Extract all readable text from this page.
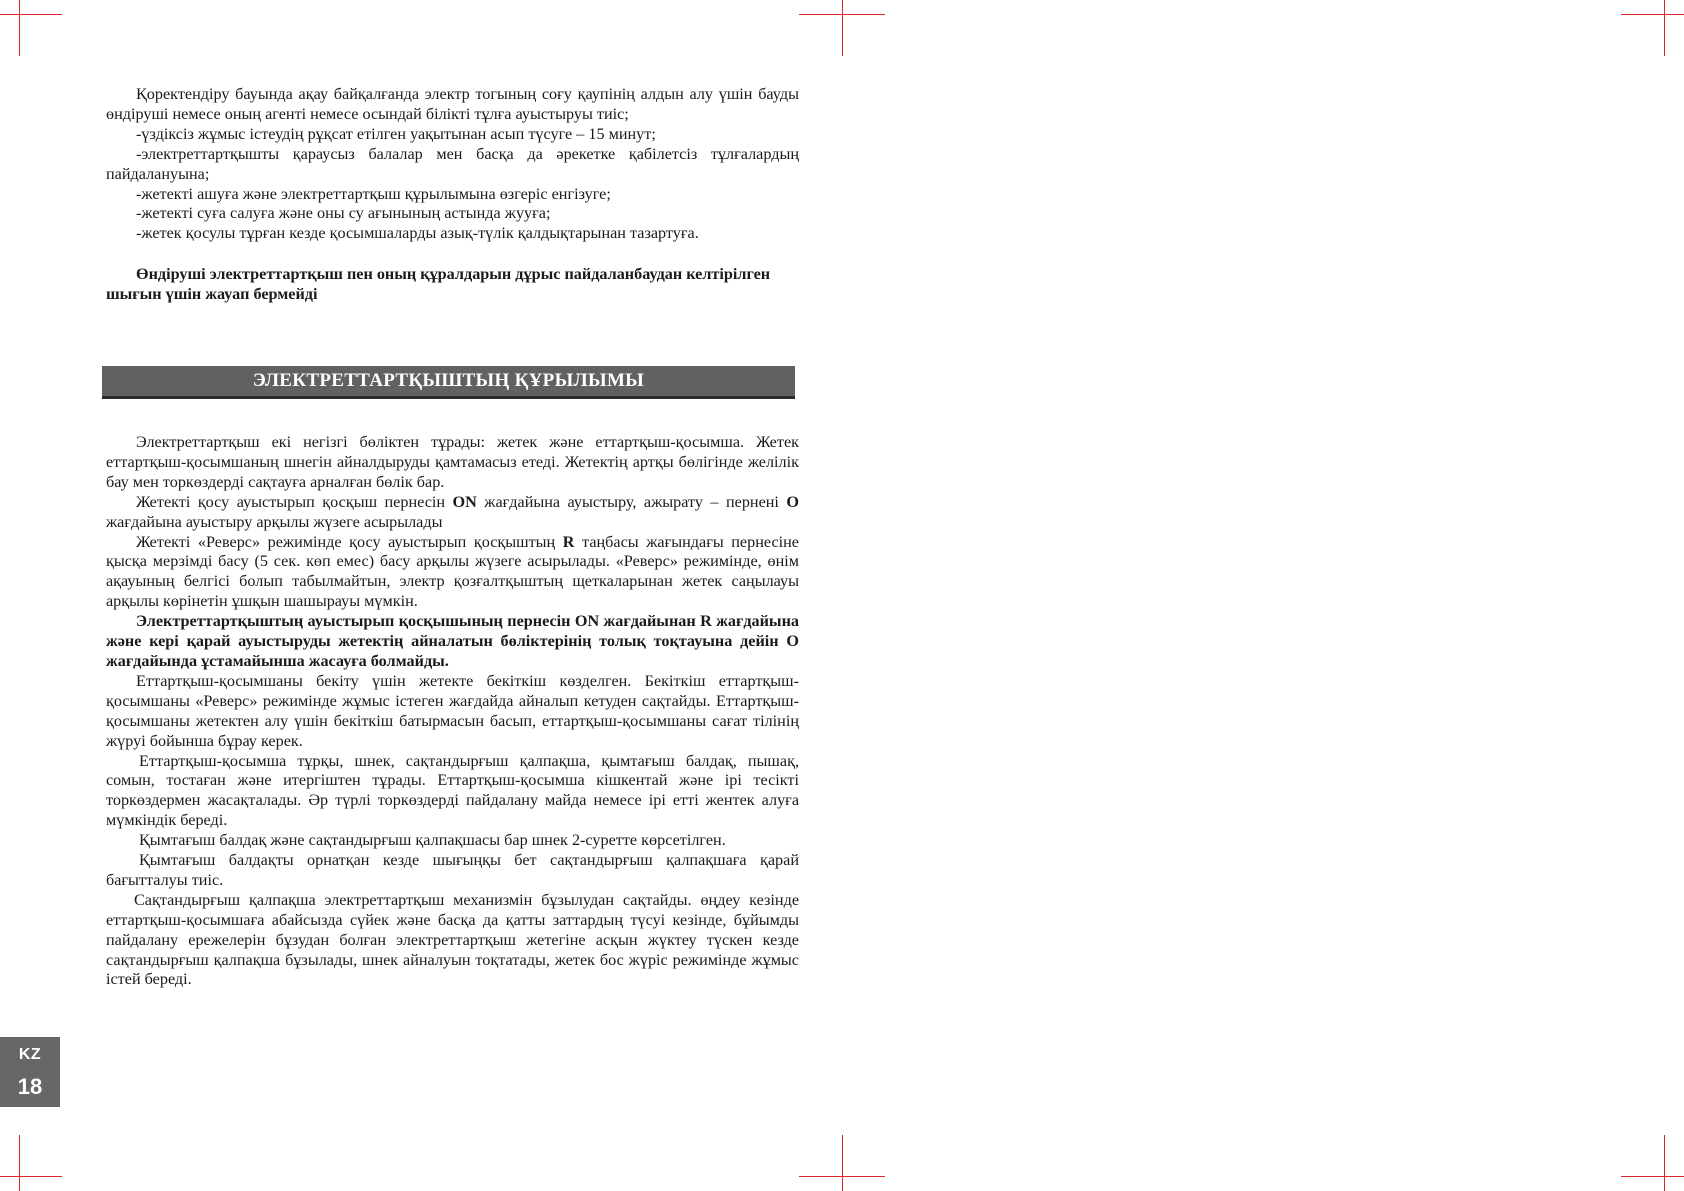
Қоректендіру бауында ақау байқалғанда электр тогының соғу қаупінің алдын алу үшін бауды өндіруші немесе оның агенті немесе осындай білікті тұлға ауыстыруы тиіс;

-үздіксіз жұмыс істеудің рұқсат етілген уақытынан асып түсуге – 15 минут;

-электреттартқышты қараусыз балалар мен басқа да әрекетке қабілетсіз тұлғалардың пайдалануына;

-жетекті ашуға және электреттартқыш құрылымына өзгеріс енгізуге;

-жетекті суға салуға және оны су ағынының астында жууға;

-жетек қосулы тұрған кезде қосымшаларды азық-түлік қалдықтарынан тазартуға.

Өндіруші электреттартқыш пен оның құралдарын дұрыс пайдаланбаудан келтірілген шығын үшін жауап бермейді

ЭЛЕКТРЕТТАРТҚЫШТЫҢ ҚҰРЫЛЫМЫ

Электреттартқыш екі негізгі бөліктен тұрады: жетек және еттартқыш-қосымша. Жетек еттартқыш-қосымшаның шнегін айналдыруды қамтамасыз етеді. Жетектің артқы бөлігінде желілік бау мен торкөздерді сақтауға арналған бөлік бар.

Жетекті қосу ауыстырып қосқыш пернесін ON жағдайына ауыстыру, ажырату – пернені O жағдайына ауыстыру арқылы жүзеге асырылады

Жетекті «Реверс» режимінде қосу ауыстырып қосқыштың R таңбасы жағындағы пернесіне қысқа мерзімді басу (5 сек. көп емес) басу арқылы жүзеге асырылады. «Реверс» режимінде, өнім ақауының белгісі болып табылмайтын, электр қозғалтқыштың щеткаларынан жетек саңылауы арқылы көрінетін ұшқын шашырауы мүмкін.

Электреттартқыштың ауыстырып қосқышының пернесін ON жағдайынан R жағдайына және кері қарай ауыстыруды жетектің айналатын бөліктерінің толық тоқтауына дейін O жағдайында ұстамайынша жасауға болмайды.

Еттартқыш-қосымшаны бекіту үшін жетекте бекіткіш көзделген. Бекіткіш еттартқыш-қосымшаны «Реверс» режимінде жұмыс істеген жағдайда айналып кетуден сақтайды. Еттартқыш-қосымшаны жетектен алу үшін бекіткіш батырмасын басып, еттартқыш-қосымшаны сағат тілінің жүруі бойынша бұрау керек.

Еттартқыш-қосымша тұрқы, шнек, сақтандырғыш қалпақша, қымтағыш балдақ, пышақ, сомын, тостаған және итергіштен тұрады. Еттартқыш-қосымша кішкентай және ірі тесікті торкөздермен жасақталады. Әр түрлі торкөздерді пайдалану майда немесе ірі етті жентек алуға мүмкіндік береді.

Қымтағыш балдақ және сақтандырғыш қалпақшасы бар шнек 2-суретте көрсетілген.

Қымтағыш балдақты орнатқан кезде шығыңқы бет сақтандырғыш қалпақшаға қарай бағытталуы тиіс.

Сақтандырғыш қалпақша электреттартқыш механизмін бұзылудан сақтайды. өңдеу кезінде еттартқыш-қосымшаға абайсызда сүйек және басқа да қатты заттардың түсуі кезінде, бұйымды пайдалану ережелерін бұзудан болған электреттартқыш жетегіне асқын жүктеу түскен кезде сақтандырғыш қалпақша бұзылады, шнек айналуын тоқтатады, жетек бос жүріс режимінде жұмыс істей береді.

KZ
18
